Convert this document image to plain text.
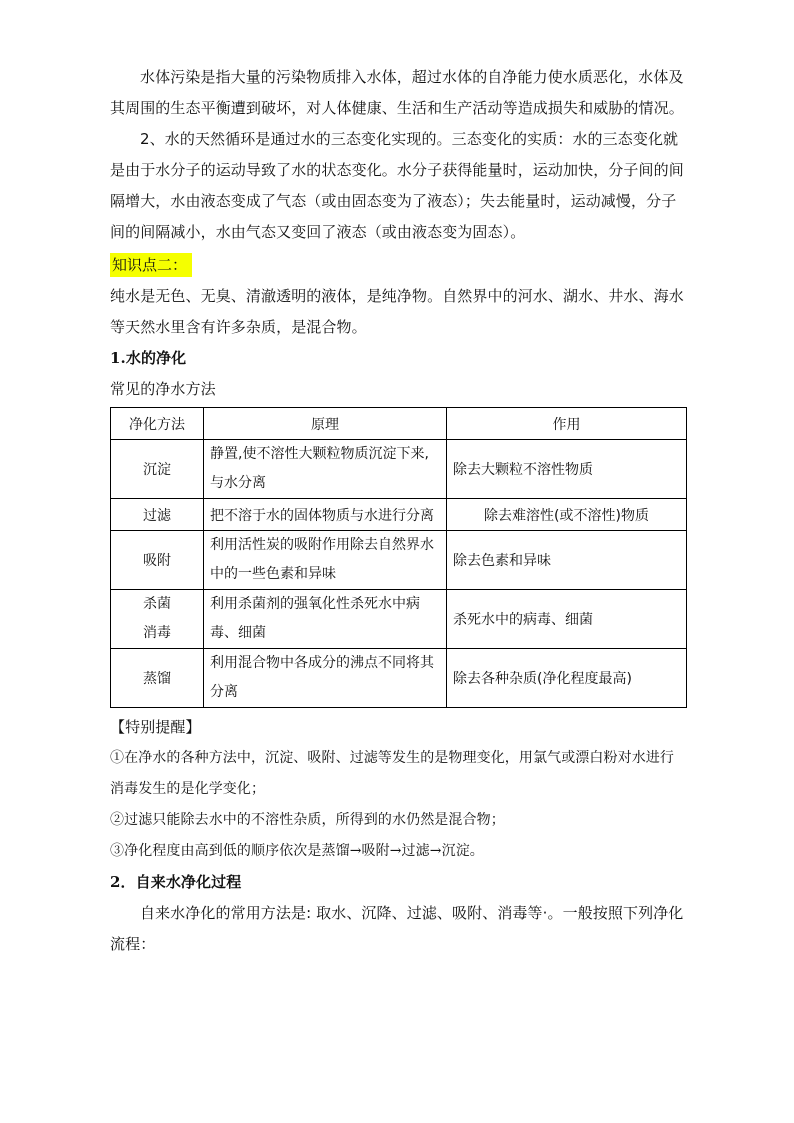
水体污染是指大量的污染物质排入水体，超过水体的自净能力使水质恶化，水体及其周围的生态平衡遭到破坏，对人体健康、生活和生产活动等造成损失和威胁的情况。

2、水的天然循环是通过水的三态变化实现的。三态变化的实质：水的三态变化就是由于水分子的运动导致了水的状态变化。水分子获得能量时，运动加快，分子间的间隔增大，水由液态变成了气态（或由固态变为了液态）；失去能量时，运动减慢，分子间的间隔减小，水由气态又变回了液态（或由液态变为固态）。

知识点二：

纯水是无色、无臭、清澈透明的液体，是纯净物。自然界中的河水、湖水、井水、海水等天然水里含有许多杂质，是混合物。

1.水的净化

常见的净水方法

净化方法	原理	作用
沉淀	静置,使不溶性大颗粒物质沉淀下来,与水分离	除去大颗粒不溶性物质
过滤	把不溶于水的固体物质与水进行分离	除去难溶性(或不溶性)物质
吸附	利用活性炭的吸附作用除去自然界水中的一些色素和异味	除去色素和异味
杀菌消毒	利用杀菌剂的强氧化性杀死水中病毒、细菌	杀死水中的病毒、细菌
蒸馏	利用混合物中各成分的沸点不同将其分离	除去各种杂质(净化程度最高)

【特别提醒】

①在净水的各种方法中，沉淀、吸附、过滤等发生的是物理变化，用氯气或漂白粉对水进行消毒发生的是化学变化；

②过滤只能除去水中的不溶性杂质，所得到的水仍然是混合物；

③净化程度由高到低的顺序依次是蒸馏→吸附→过滤→沉淀。

2．自来水净化过程

自来水净化的常用方法是: 取水、沉降、过滤、吸附、消毒等·。一般按照下列净化流程：
